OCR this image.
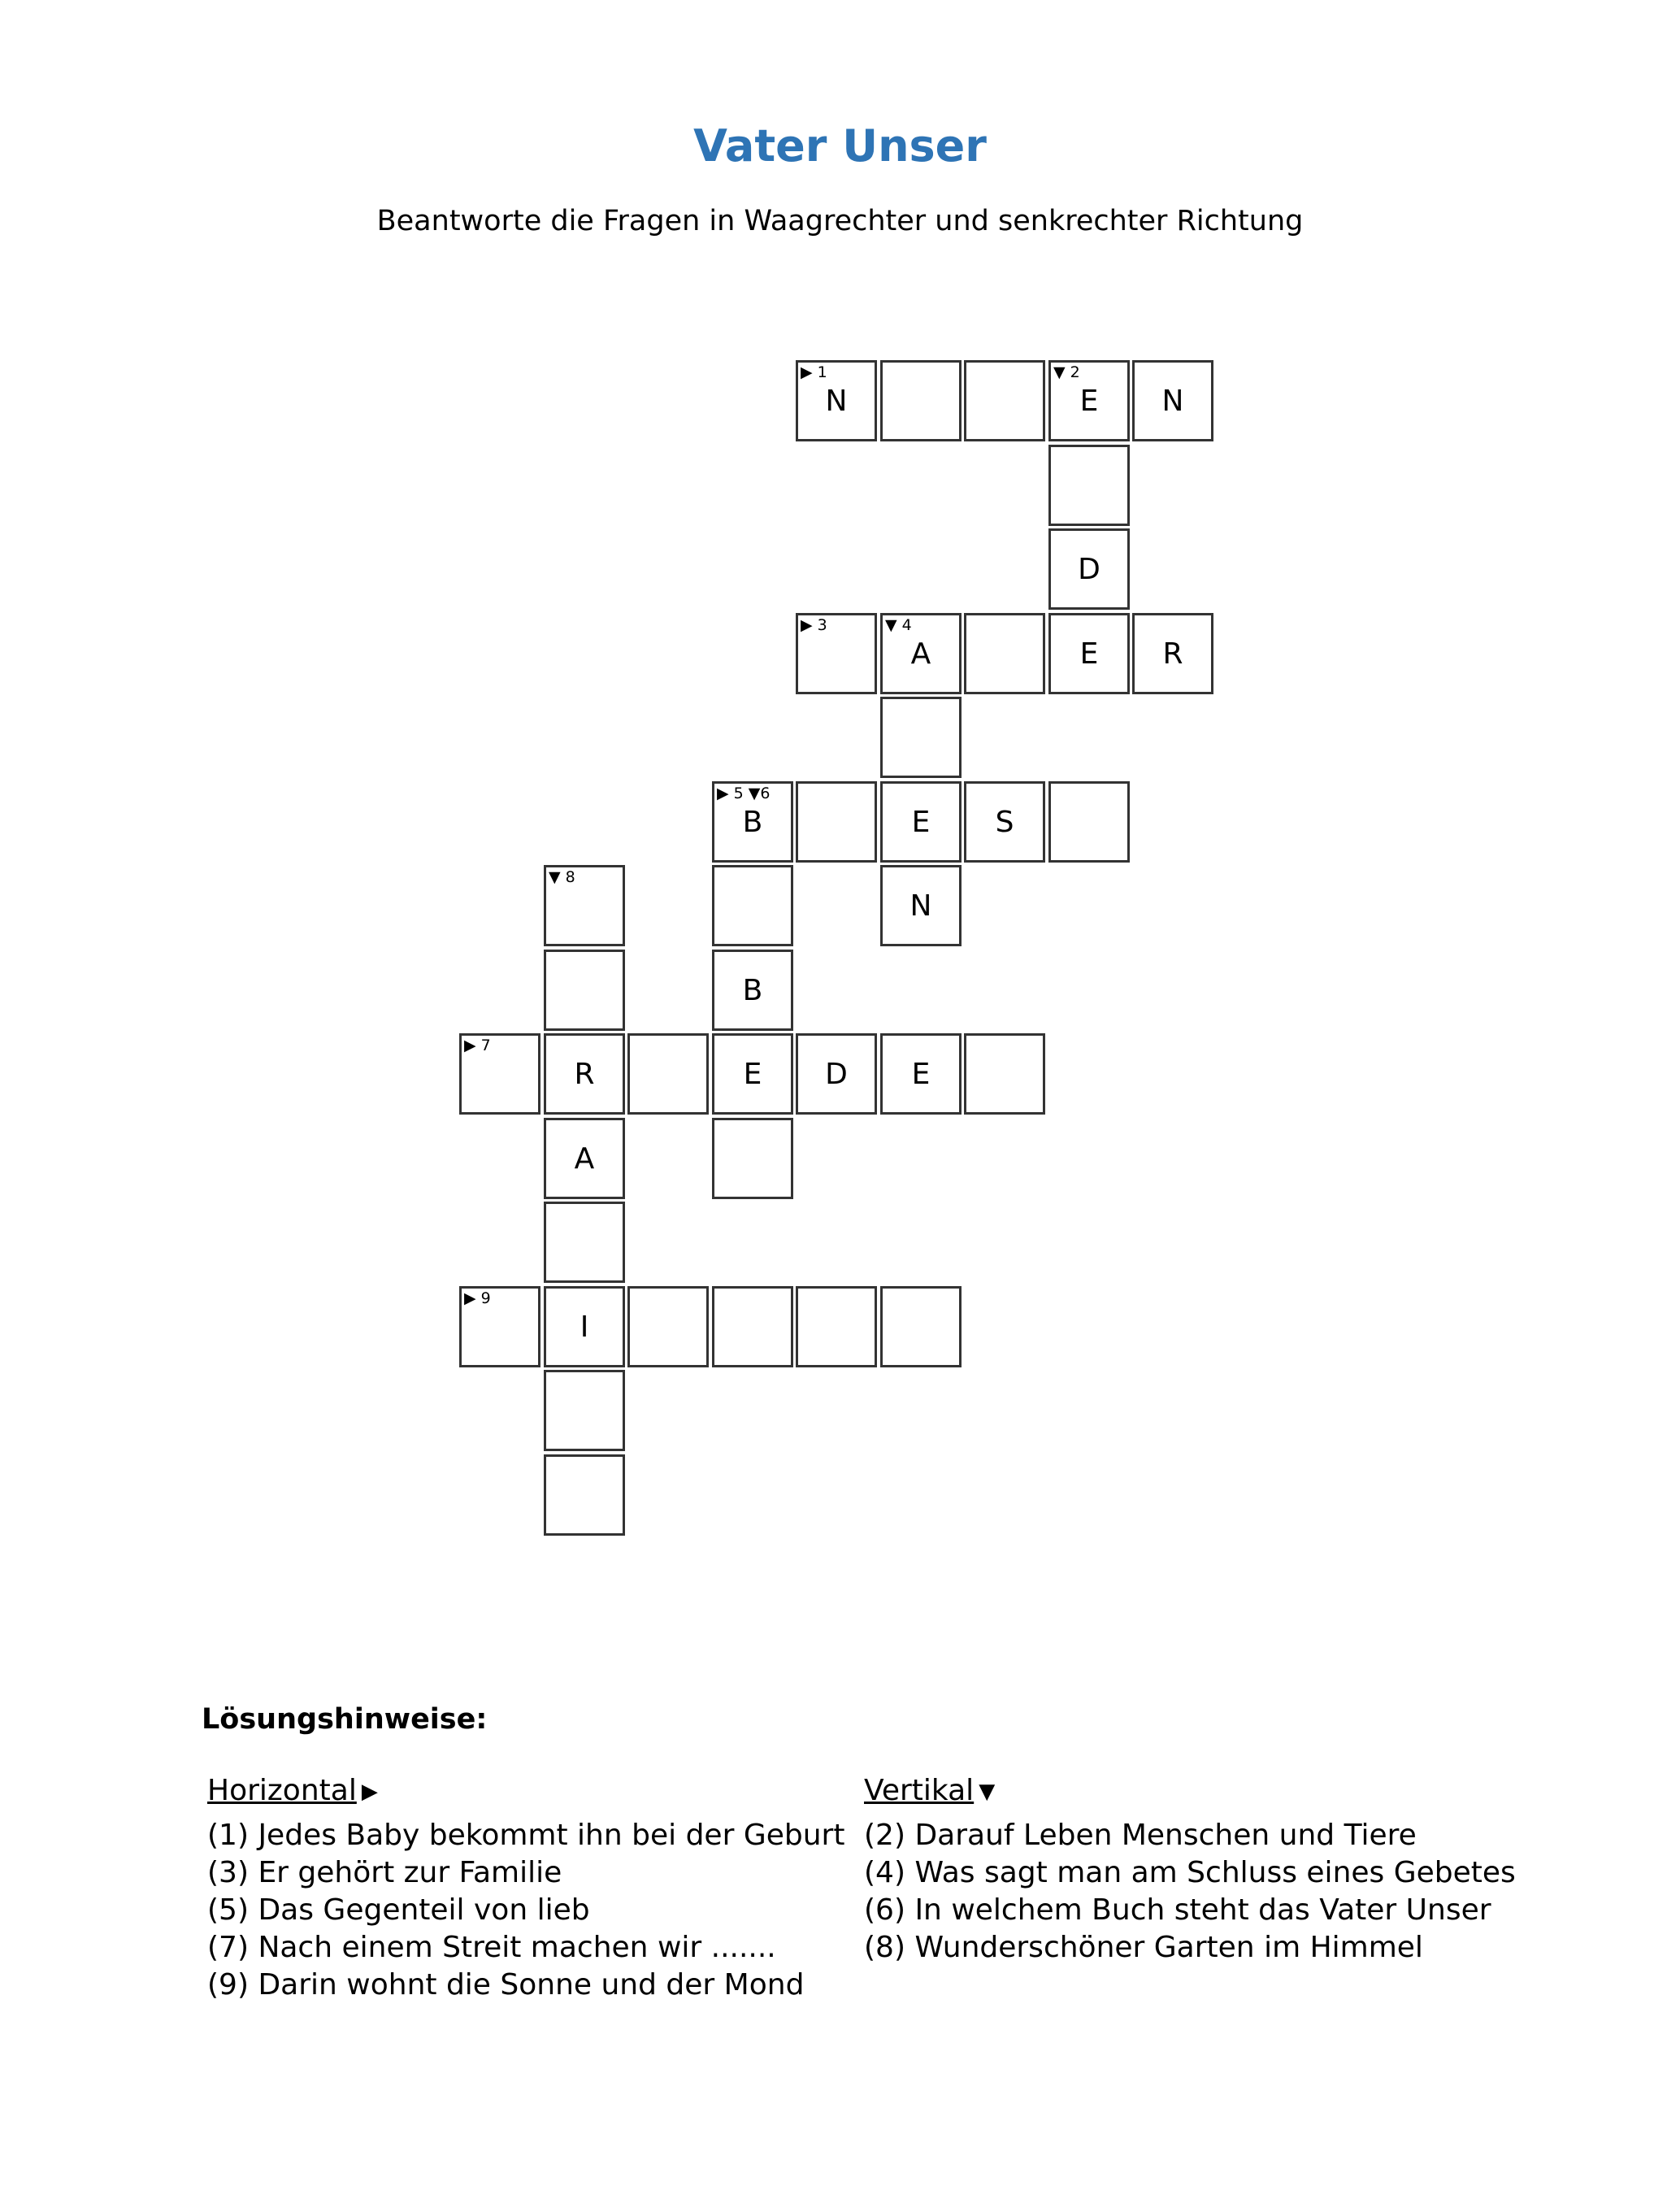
Vater Unser
Beantworte die Fragen in Waagrechter und senkrechter Richtung
▶ 1
N
▼ 2
E	N
D
▶ 3	▼ 4
A	E	R
▶ 5 ▼6
B	E	S
▼ 8
N
B
▶ 7
R	E	D	E
A
▶ 9
I
Lösungshinweise:
Horizontal ▶
(1) Jedes Baby bekommt ihn bei der Geburt
(3) Er gehört zur Familie
(5) Das Gegenteil von lieb
(7) Nach einem Streit machen wir .......
(9) Darin wohnt die Sonne und der Mond
Vertikal ▼
(2) Darauf Leben Menschen und Tiere
(4) Was sagt man am Schluss eines Gebetes
(6) In welchem Buch steht das Vater Unser
(8) Wunderschöner Garten im Himmel
